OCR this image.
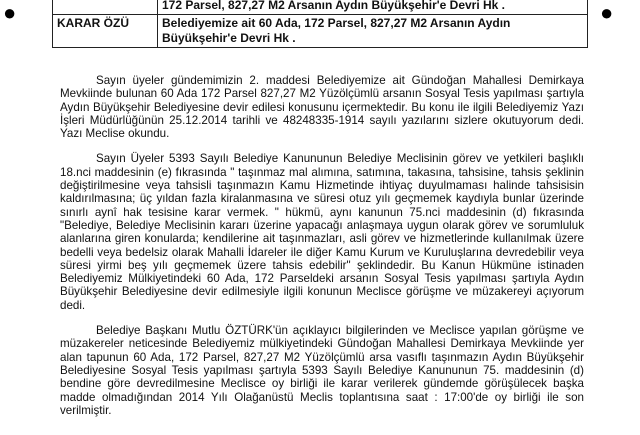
●	●
	172 Parsel, 827,27 M2 Arsanın Aydın Büyükşehir'e Devri Hk .
KARAR ÖZÜ	Belediyemize ait 60 Ada, 172 Parsel, 827,27 M2 Arsanın Aydın Büyükşehir'e Devri Hk .

Sayın üyeler gündemimizin 2. maddesi Belediyemize ait Gündoğan Mahallesi Demirkaya Mevkiinde bulunan 60 Ada 172 Parsel 827,27 M2 Yüzölçümlü arsanın Sosyal Tesis yapılması şartıyla Aydın Büyükşehir Belediyesine devir edilesi konusunu içermektedir. Bu konu ile ilgili Belediyemiz Yazı İşleri Müdürlüğünün 25.12.2014 tarihli ve 48248335-1914 sayılı yazılarını sizlere okutuyorum dedi. Yazı Meclise okundu.

Sayın Üyeler 5393 Sayılı Belediye Kanununun Belediye Meclisinin görev ve yetkileri başlıklı 18.nci maddesinin (e) fıkrasında " taşınmaz mal alımına, satımına, takasına, tahsisine, tahsis şeklinin değiştirilmesine veya tahsisli taşınmazın Kamu Hizmetinde ihtiyaç duyulmaması halinde tahsisisin kaldırılmasına; üç yıldan fazla kiralanmasına ve süresi otuz yılı geçmemek kaydıyla bunlar üzerinde sınırlı aynî hak tesisine karar vermek. " hükmü, aynı kanunun 75.nci maddesinin (d) fıkrasında "Belediye, Belediye Meclisinin kararı üzerine yapacağı anlaşmaya uygun olarak görev ve sorumluluk alanlarına giren konularda; kendilerine ait taşınmazları, asli görev ve hizmetlerinde kullanılmak üzere bedelli veya bedelsiz olarak Mahalli İdareler ile diğer Kamu Kurum ve Kuruluşlarına devredebilir veya süresi yirmi beş yılı geçmemek üzere tahsis edebilir" şeklindedir. Bu Kanun Hükmüne istinaden Belediyemiz Mülkiyetindeki 60 Ada, 172 Parseldeki arsanın Sosyal Tesis yapılması şartıyla Aydın Büyükşehir Belediyesine devir edilmesiyle ilgili konunun Meclisce görüşme ve müzakereyi açıyorum dedi.

Belediye Başkanı Mutlu ÖZTÜRK'ün açıklayıcı bilgilerinden ve Meclisce yapılan görüşme ve müzakereler neticesinde Belediyemiz mülkiyetindeki Gündoğan Mahallesi Demirkaya Mevkiinde yer alan tapunun 60 Ada, 172 Parsel, 827,27 M2 Yüzölçümlü arsa vasıflı taşınmazın Aydın Büyükşehir Belediyesine Sosyal Tesis yapılması şartıyla 5393 Sayılı Belediye Kanununun 75. maddesinin (d) bendine göre devredilmesine Meclisce oy birliği ile karar verilerek gündemde görüşülecek başka madde olmadığından 2014 Yılı Olağanüstü Meclis toplantısına saat : 17:00'de oy birliği ile son verilmiştir.
